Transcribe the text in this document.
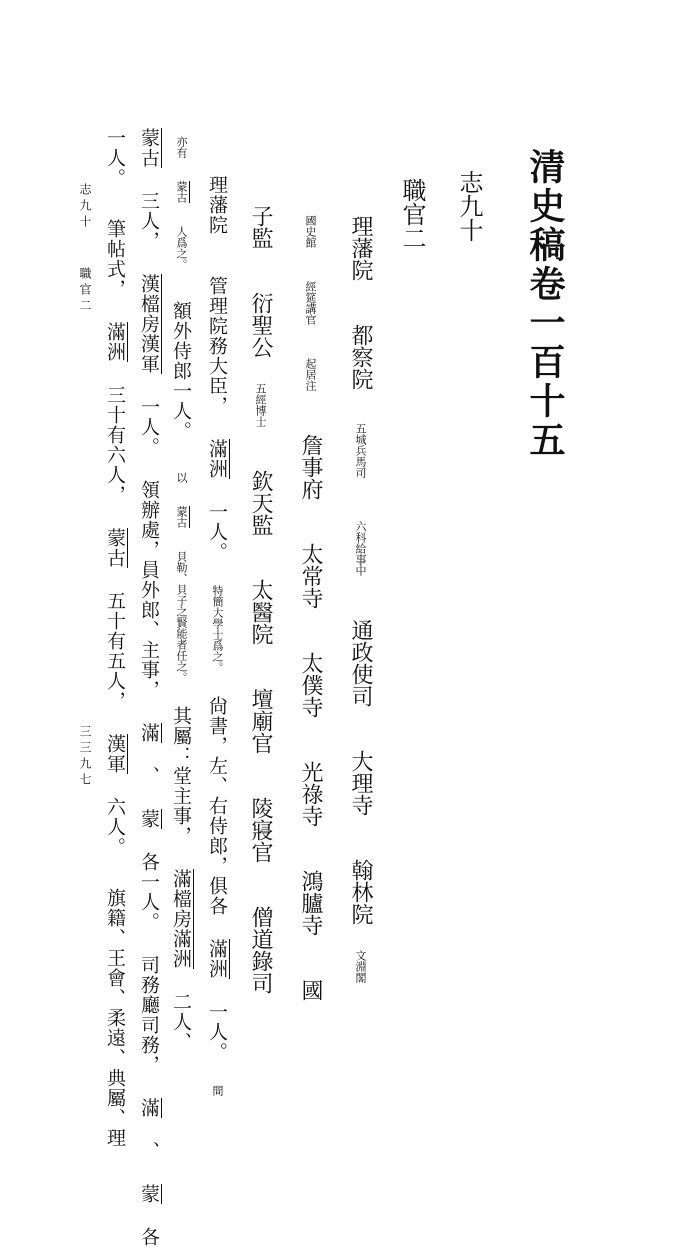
清史稿卷一百十五
志九十
職官二
理藩院 都察院 五城兵馬司 六科給事中 通政使司 大理寺 翰林院 文淵閣
國史館 經筵講官 起居注 詹事府 太常寺 太僕寺 光祿寺 鴻臚寺 國
子監 衍聖公 五經博士 欽天監 太醫院 壇廟官 陵寢官 僧道錄司
理藩院 管理院務大臣， 滿洲 一人。 特簡大學士爲之。 尙書，左、右侍郎，俱各 滿洲 一人。 間
亦有 蒙古 人爲之。 額外侍郎一人。 以 蒙古 貝勒、貝子之賢能者任之。 其屬：堂主事， 滿檔房滿洲 二人、
蒙古 三人， 漢檔房漢軍 一人。 領辦處，員外郎、主事， 滿 、 蒙 各一人。 司務廳司務， 滿 、 蒙 各
一人。 筆帖式， 滿洲 三十有六人， 蒙古 五十有五人， 漢軍 六人。 旗籍、王會、柔遠、典屬、理
志九十 職官二
三三九七
